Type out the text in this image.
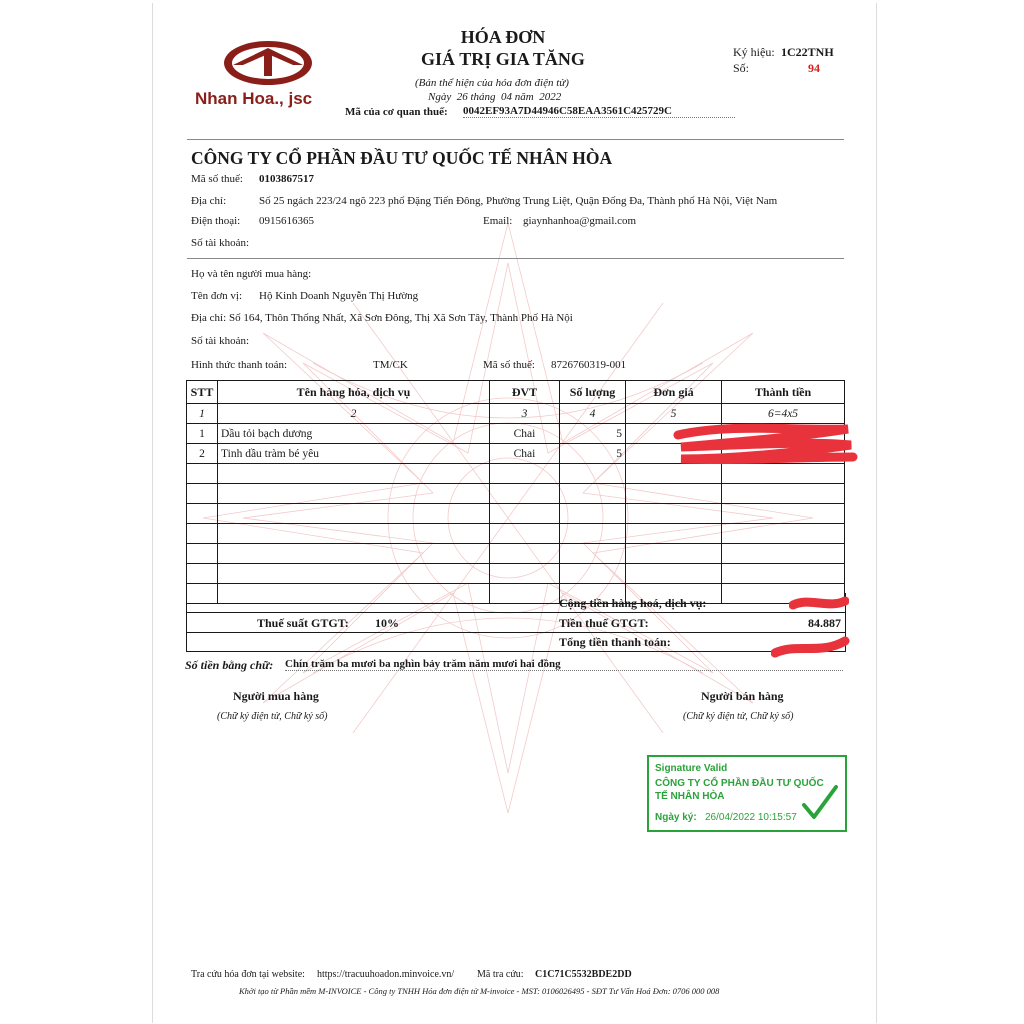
Nhan Hoa., jsc
HÓA ĐƠN
GIÁ TRỊ GIA TĂNG
(Bản thể hiện của hóa đơn điện tử)
Ngày 26 tháng 04 năm 2022
Mã của cơ quan thuế: 0042EF93A7D44946C58EAA3561C425729C
Ký hiệu: 1C22TNH
Số:	94
CÔNG TY CỔ PHẦN ĐẦU TƯ QUỐC TẾ NHÂN HÒA
Mã số thuế: 0103867517
Địa chỉ:	Số 25 ngách 223/24 ngõ 223 phố Đặng Tiến Đông, Phường Trung Liệt, Quận Đống Đa, Thành phố Hà Nội, Việt Nam
Điện thoại: 0915616365	Email: giaynhanhoa@gmail.com
Số tài khoản:
Họ và tên người mua hàng:
Tên đơn vị: Hộ Kinh Doanh Nguyễn Thị Hường
Địa chỉ: Số 164, Thôn Thống Nhất, Xã Sơn Đông, Thị Xã Sơn Tây, Thành Phố Hà Nội
Số tài khoản:
Hình thức thanh toán:	TM/CK	Mã số thuế: 8726760319-001
STT	Tên hàng hóa, dịch vụ	ĐVT	Số lượng	Đơn giá	Thành tiền
1	2	3	4	5	6=4x5
1	Dầu tỏi bạch dương	Chai	5		
2	Tinh dầu tràm bé yêu	Chai	5		

Cộng tiền hàng hoá, dịch vụ:
Thuế suất GTGT: 10%	Tiền thuế GTGT:	84.887
Tổng tiền thanh toán:
Số tiền bằng chữ: Chín trăm ba mươi ba nghìn bảy trăm năm mươi hai đồng
Người mua hàng
(Chữ ký điện tử, Chữ ký số)
Người bán hàng
(Chữ ký điện tử, Chữ ký số)
Signature Valid
CÔNG TY CỔ PHẦN ĐẦU TƯ QUỐC
TẾ NHÂN HÒA
Ngày ký: 26/04/2022 10:15:57
Tra cứu hóa đơn tại website: https://tracuuhoadon.minvoice.vn/ Mã tra cứu: C1C71C5532BDE2DD
Khởi tạo từ Phần mềm M-INVOICE - Công ty TNHH Hóa đơn điện tử M-invoice - MST: 0106026495 - SĐT Tư Vấn Hoá Đơn: 0706 000 008
